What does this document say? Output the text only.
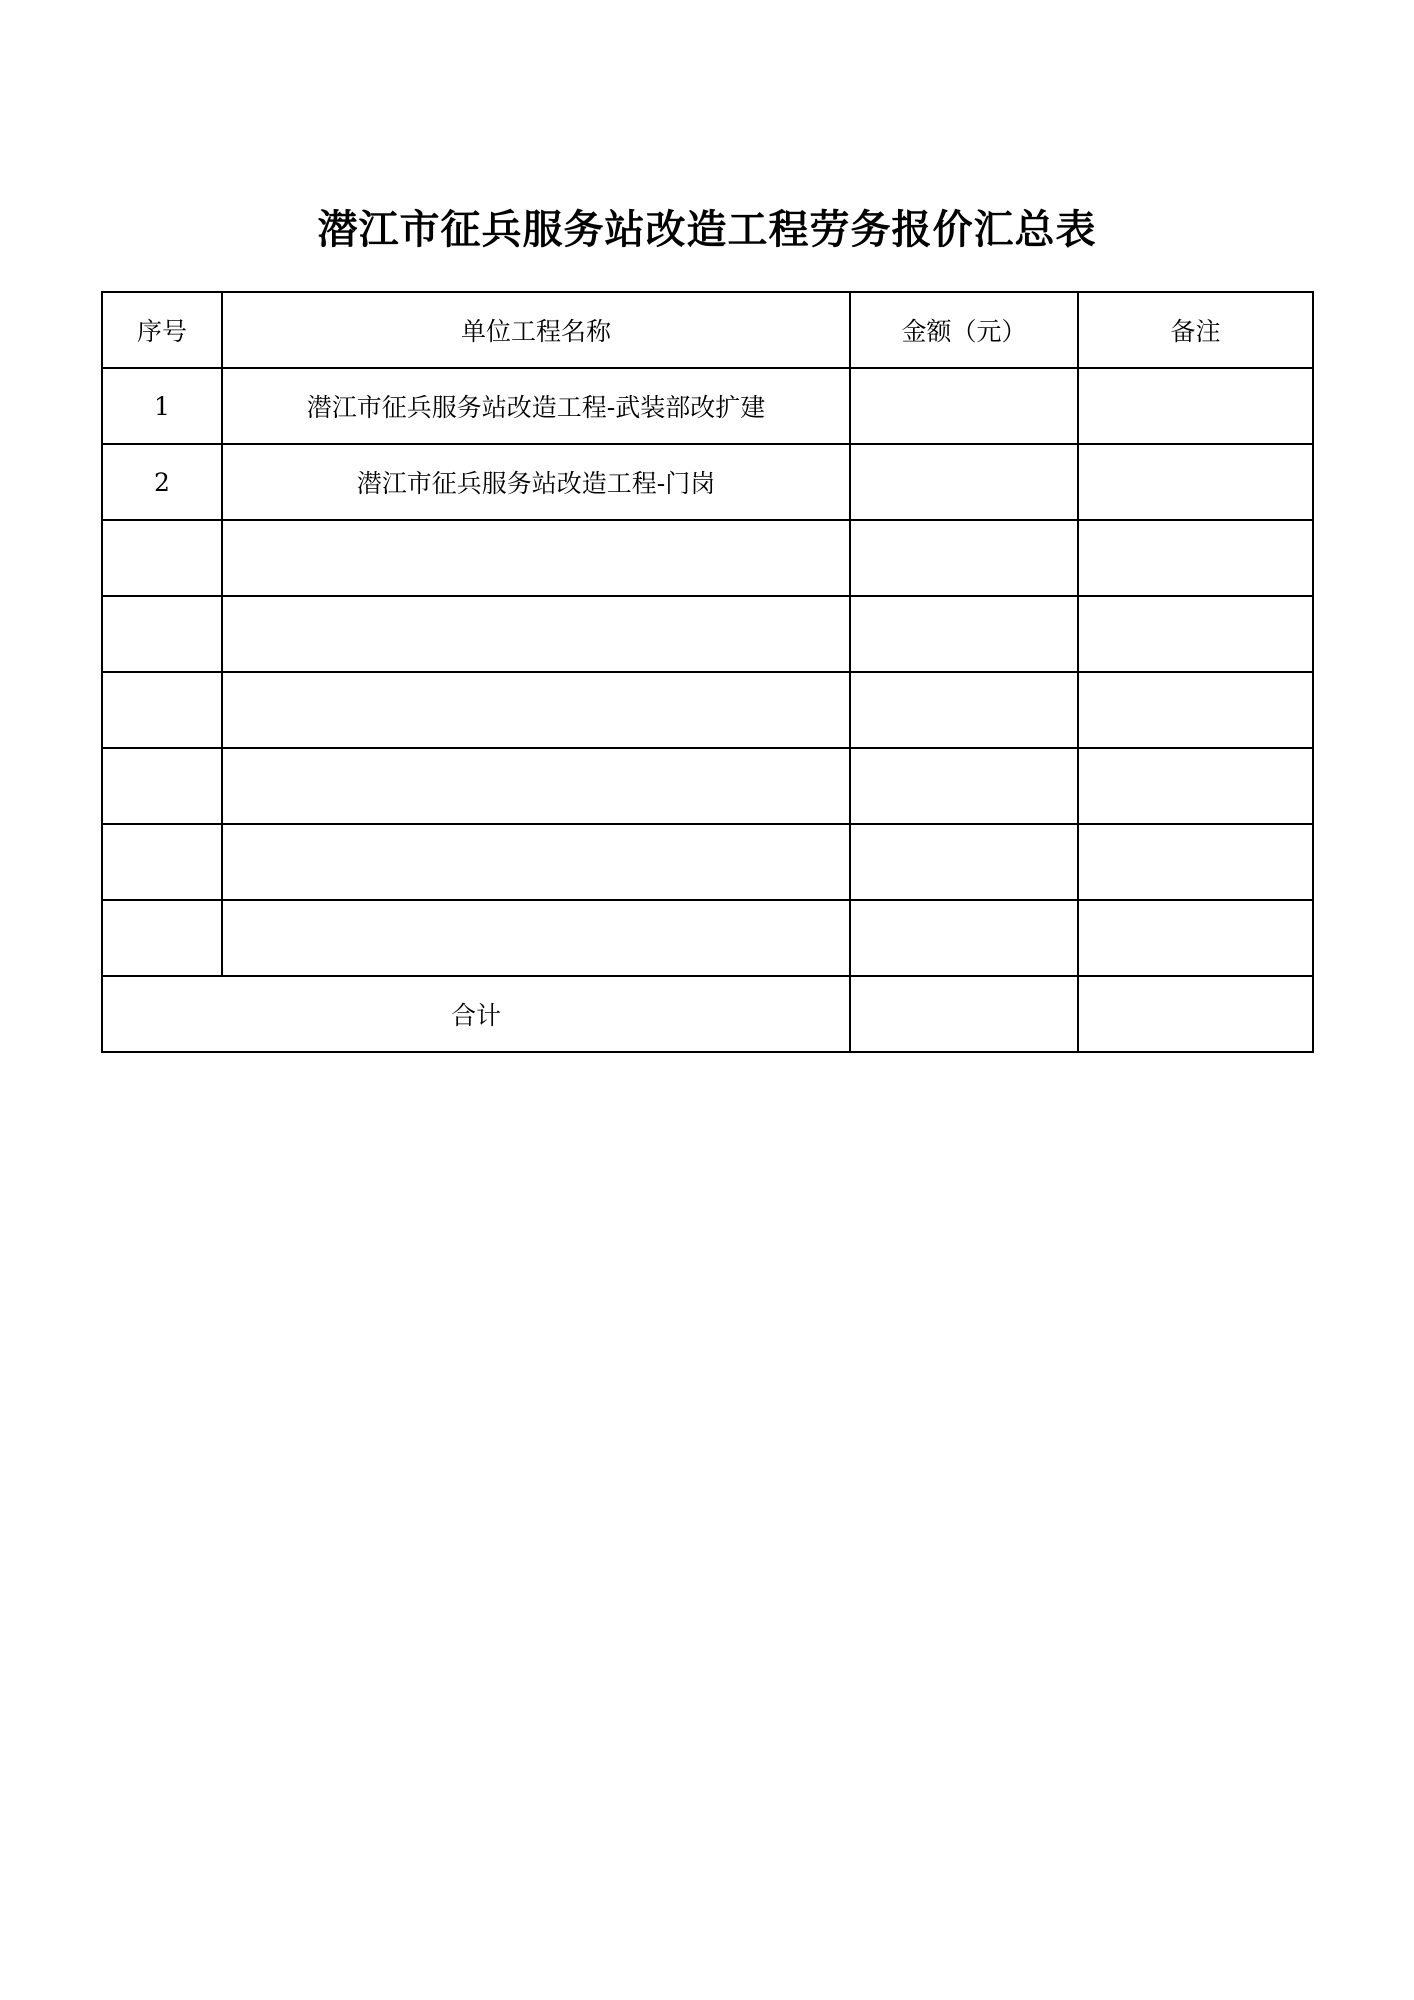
潜江市征兵服务站改造工程劳务报价汇总表
序号	单位工程名称	金额（元）	备注
1	潜江市征兵服务站改造工程-武装部改扩建		
2	潜江市征兵服务站改造工程-门岗		

合计			
